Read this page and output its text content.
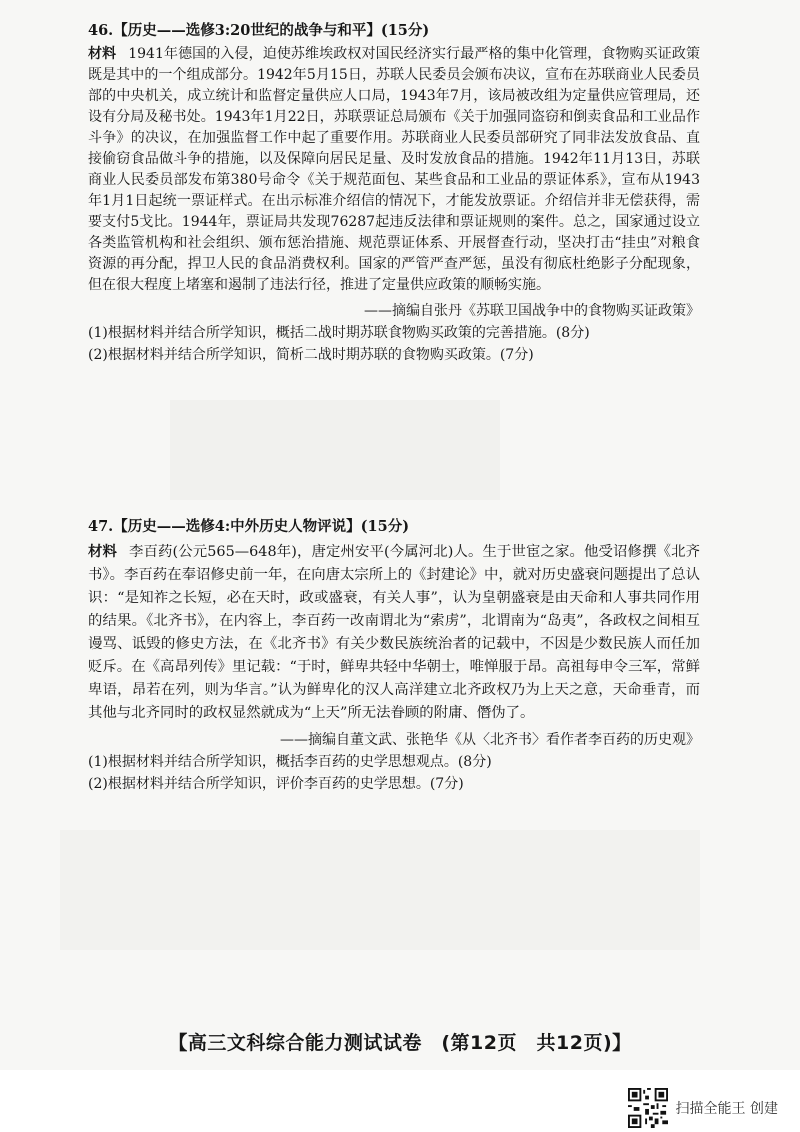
46.【历史——选修3:20世纪的战争与和平】(15分)
材料 1941年德国的入侵，迫使苏维埃政权对国民经济实行最严格的集中化管理，食物购买证政策既是其中的一个组成部分。1942年5月15日，苏联人民委员会颁布决议，宣布在苏联商业人民委员部的中央机关，成立统计和监督定量供应人口局，1943年7月，该局被改组为定量供应管理局，还设有分局及秘书处。1943年1月22日，苏联票证总局颁布《关于加强同盗窃和倒卖食品和工业品作斗争》的决议，在加强监督工作中起了重要作用。苏联商业人民委员部研究了同非法发放食品、直接偷窃食品做斗争的措施，以及保障向居民足量、及时发放食品的措施。1942年11月13日，苏联商业人民委员部发布第380号命令《关于规范面包、某些食品和工业品的票证体系》，宣布从1943年1月1日起统一票证样式。在出示标准介绍信的情况下，才能发放票证。介绍信并非无偿获得，需要支付5戈比。1944年，票证局共发现76287起违反法律和票证规则的案件。总之，国家通过设立各类监管机构和社会组织、颁布惩治措施、规范票证体系、开展督查行动，坚决打击“挂虫”对粮食资源的再分配，捍卫人民的食品消费权利。国家的严管严查严惩，虽没有彻底杜绝影子分配现象，但在很大程度上堵塞和遏制了违法行径，推进了定量供应政策的顺畅实施。
——摘编自张丹《苏联卫国战争中的食物购买证政策》
(1)根据材料并结合所学知识，概括二战时期苏联食物购买政策的完善措施。(8分)
(2)根据材料并结合所学知识，简析二战时期苏联的食物购买政策。(7分)
47.【历史——选修4:中外历史人物评说】(15分)
材料 李百药(公元565—648年)，唐定州安平(今属河北)人。生于世宦之家。他受诏修撰《北齐书》。李百药在奉诏修史前一年，在向唐太宗所上的《封建论》中，就对历史盛衰问题提出了总认识：“是知祚之长短，必在天时，政或盛衰，有关人事”，认为皇朝盛衰是由天命和人事共同作用的结果。《北齐书》，在内容上，李百药一改南谓北为“索虏”，北谓南为“岛夷”，各政权之间相互谩骂、诋毁的修史方法，在《北齐书》有关少数民族统治者的记载中，不因是少数民族人而任加贬斥。在《高昂列传》里记载：“于时，鲜卑共轻中华朝士，唯惮服于昂。高祖每申令三军，常鲜卑语，昂若在列，则为华言。”认为鲜卑化的汉人高洋建立北齐政权乃为上天之意，天命垂青，而其他与北齐同时的政权显然就成为“上天”所无法眷顾的附庸、僭伪了。
——摘编自董文武、张艳华《从〈北齐书〉看作者李百药的历史观》
(1)根据材料并结合所学知识，概括李百药的史学思想观点。(8分)
(2)根据材料并结合所学知识，评价李百药的史学思想。(7分)
【高三文科综合能力测试试卷　(第12页　共12页)】
扫描全能王 创建
